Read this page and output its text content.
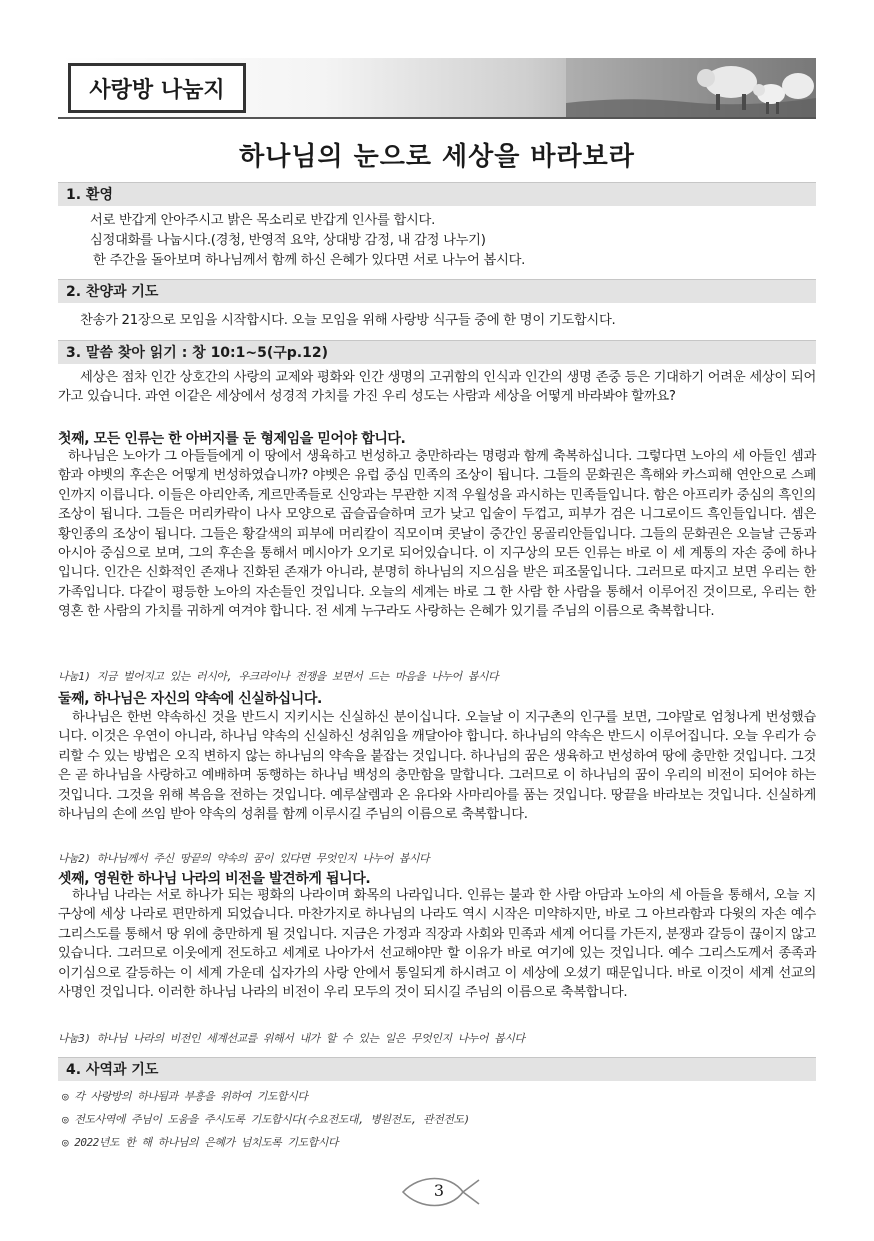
사랑방 나눔지
하나님의 눈으로 세상을 바라보라
1. 환영
서로 반갑게 안아주시고 밝은 목소리로 반갑게 인사를 합시다.
심정대화를 나눕시다.(경청, 반영적 요약, 상대방 감정, 내 감정 나누기)
한 주간을 돌아보며 하나님께서 함께 하신 은혜가 있다면 서로 나누어 봅시다.
2. 찬양과 기도
찬송가 21장으로 모임을 시작합시다. 오늘 모임을 위해 사랑방 식구들 중에 한 명이 기도합시다.
3. 말씀 찾아 읽기 : 창 10:1~5(구p.12)
세상은 점차 인간 상호간의 사랑의 교제와 평화와 인간 생명의 고귀함의 인식과 인간의 생명 존중 등은 기대하기 어려운 세상이 되어가고 있습니다. 과연 이같은 세상에서 성경적 가치를 가진 우리 성도는 사람과 세상을 어떻게 바라봐야 할까요?
첫째, 모든 인류는 한 아버지를 둔 형제임을 믿어야 합니다.
하나님은 노아가 그 아들들에게 이 땅에서 생육하고 번성하고 충만하라는 명령과 함께 축복하십니다. 그렇다면 노아의 세 아들인 셈과 함과 야벳의 후손은 어떻게 번성하였습니까? 야벳은 유럽 중심 민족의 조상이 됩니다. 그들의 문화권은 흑해와 카스피해 연안으로 스페인까지 이릅니다. 이들은 아리안족, 게르만족들로 신앙과는 무관한 지적 우월성을 과시하는 민족들입니다. 함은 아프리카 중심의 흑인의 조상이 됩니다. 그들은 머리카락이 나사 모양으로 곱슬곱슬하며 코가 낮고 입술이 두껍고, 피부가 검은 니그로이드 흑인들입니다. 셈은 황인종의 조상이 됩니다. 그들은 황갈색의 피부에 머리칼이 직모이며 콧날이 중간인 몽골리안들입니다. 그들의 문화권은 오늘날 근동과 아시아 중심으로 보며, 그의 후손을 통해서 메시아가 오기로 되어있습니다. 이 지구상의 모든 인류는 바로 이 세 계통의 자손 중에 하나입니다. 인간은 신화적인 존재나 진화된 존재가 아니라, 분명히 하나님의 지으심을 받은 피조물입니다. 그러므로 따지고 보면 우리는 한 가족입니다. 다같이 평등한 노아의 자손들인 것입니다. 오늘의 세계는 바로 그 한 사람 한 사람을 통해서 이루어진 것이므로, 우리는 한 영혼 한 사람의 가치를 귀하게 여겨야 합니다. 전 세계 누구라도 사랑하는 은혜가 있기를 주님의 이름으로 축복합니다.
나눔1) 지금 벌어지고 있는 러시아, 우크라이나 전쟁을 보면서 드는 마음을 나누어 봅시다
둘째, 하나님은 자신의 약속에 신실하십니다.
하나님은 한번 약속하신 것을 반드시 지키시는 신실하신 분이십니다. 오늘날 이 지구촌의 인구를 보면, 그야말로 엄청나게 번성했습니다. 이것은 우연이 아니라, 하나님 약속의 신실하신 성취임을 깨달아야 합니다. 하나님의 약속은 반드시 이루어집니다. 오늘 우리가 승리할 수 있는 방법은 오직 변하지 않는 하나님의 약속을 붙잡는 것입니다. 하나님의 꿈은 생육하고 번성하여 땅에 충만한 것입니다. 그것은 곧 하나님을 사랑하고 예배하며 동행하는 하나님 백성의 충만함을 말합니다. 그러므로 이 하나님의 꿈이 우리의 비전이 되어야 하는 것입니다. 그것을 위해 복음을 전하는 것입니다. 예루살렘과 온 유다와 사마리아를 품는 것입니다. 땅끝을 바라보는 것입니다. 신실하게 하나님의 손에 쓰임 받아 약속의 성취를 함께 이루시길 주님의 이름으로 축복합니다.
나눔2) 하나님께서 주신 땅끝의 약속의 꿈이 있다면 무엇인지 나누어 봅시다
셋째, 영원한 하나님 나라의 비전을 발견하게 됩니다.
하나님 나라는 서로 하나가 되는 평화의 나라이며 화목의 나라입니다. 인류는 불과 한 사람 아담과 노아의 세 아들을 통해서, 오늘 지구상에 세상 나라로 편만하게 되었습니다. 마찬가지로 하나님의 나라도 역시 시작은 미약하지만, 바로 그 아브라함과 다윗의 자손 예수 그리스도를 통해서 땅 위에 충만하게 될 것입니다. 지금은 가정과 직장과 사회와 민족과 세계 어디를 가든지, 분쟁과 갈등이 끊이지 않고 있습니다. 그러므로 이웃에게 전도하고 세계로 나아가서 선교해야만 할 이유가 바로 여기에 있는 것입니다. 예수 그리스도께서 종족과 이기심으로 갈등하는 이 세계 가운데 십자가의 사랑 안에서 통일되게 하시려고 이 세상에 오셨기 때문입니다. 바로 이것이 세계 선교의 사명인 것입니다. 이러한 하나님 나라의 비전이 우리 모두의 것이 되시길 주님의 이름으로 축복합니다.
나눔3) 하나님 나라의 비전인 세계선교를 위해서 내가 할 수 있는 일은 무엇인지 나누어 봅시다
4. 사역과 기도
◎ 각 사랑방의 하나됨과 부흥을 위하여 기도합시다
◎ 전도사역에 주님이 도움을 주시도록 기도합시다(수요전도대, 병원전도, 관전전도)
◎ 2022년도 한 해 하나님의 은혜가 넘치도록 기도합시다
3
